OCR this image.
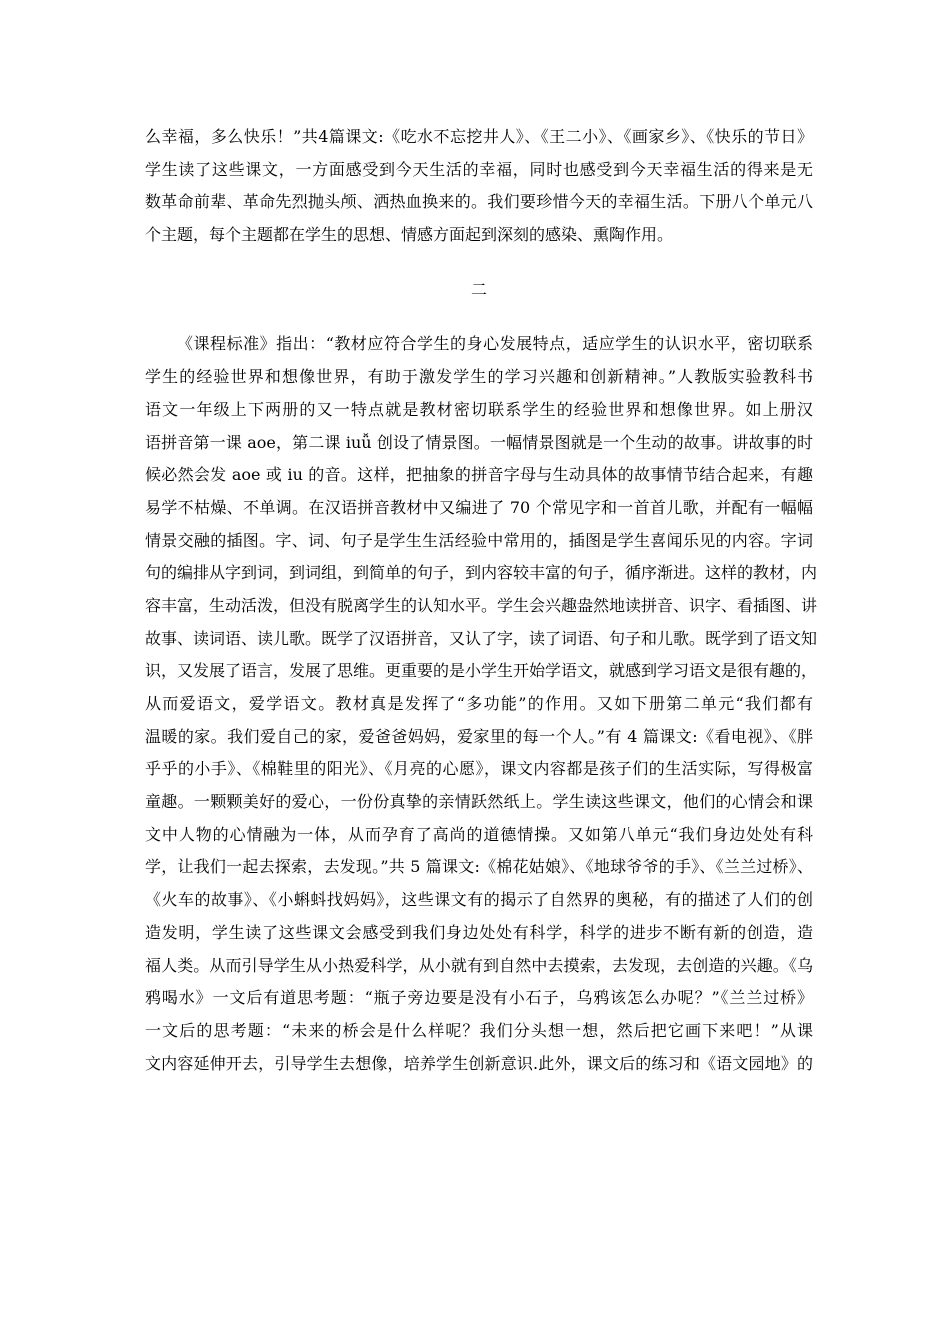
么幸福，多么快乐！”共4篇课文:《吃水不忘挖井人》、《王二小》、《画家乡》、《快乐的节日》
学生读了这些课文，一方面感受到今天生活的幸福，同时也感受到今天幸福生活的得来是无
数革命前辈、革命先烈抛头颅、洒热血换来的。我们要珍惜今天的幸福生活。下册八个单元八
个主题，每个主题都在学生的思想、情感方面起到深刻的感染、熏陶作用。
二
《课程标准》指出：“教材应符合学生的身心发展特点，适应学生的认识水平，密切联系
学生的经验世界和想像世界，有助于激发学生的学习兴趣和创新精神。”人教版实验教科书
语文一年级上下两册的又一特点就是教材密切联系学生的经验世界和想像世界。如上册汉
语拼音第一课 aoe，第二课 iuǚ 创设了情景图。一幅情景图就是一个生动的故事。讲故事的时
候必然会发 aoe 或 iu 的音。这样，把抽象的拼音字母与生动具体的故事情节结合起来，有趣
易学不枯燥、不单调。在汉语拼音教材中又编进了 70 个常见字和一首首儿歌，并配有一幅幅
情景交融的插图。字、词、句子是学生生活经验中常用的，插图是学生喜闻乐见的内容。字词
句的编排从字到词，到词组，到简单的句子，到内容较丰富的句子，循序渐进。这样的教材，内
容丰富，生动活泼，但没有脱离学生的认知水平。学生会兴趣盎然地读拼音、识字、看插图、讲
故事、读词语、读儿歌。既学了汉语拼音，又认了字，读了词语、句子和儿歌。既学到了语文知
识，又发展了语言，发展了思维。更重要的是小学生开始学语文，就感到学习语文是很有趣的，
从而爱语文，爱学语文。教材真是发挥了“多功能”的作用。又如下册第二单元“我们都有
温暖的家。我们爱自己的家，爱爸爸妈妈，爱家里的每一个人。”有 4 篇课文:《看电视》、《胖
乎乎的小手》、《棉鞋里的阳光》、《月亮的心愿》，课文内容都是孩子们的生活实际，写得极富
童趣。一颗颗美好的爱心，一份份真挚的亲情跃然纸上。学生读这些课文，他们的心情会和课
文中人物的心情融为一体，从而孕育了高尚的道德情操。又如第八单元“我们身边处处有科
学，让我们一起去探索，去发现。”共 5 篇课文:《棉花姑娘》、《地球爷爷的手》、《兰兰过桥》、
《火车的故事》、《小蝌蚪找妈妈》，这些课文有的揭示了自然界的奥秘，有的描述了人们的创
造发明，学生读了这些课文会感受到我们身边处处有科学，科学的进步不断有新的创造，造
福人类。从而引导学生从小热爱科学，从小就有到自然中去摸索，去发现，去创造的兴趣。《乌
鸦喝水》一文后有道思考题：“瓶子旁边要是没有小石子，乌鸦该怎么办呢？”《兰兰过桥》
一文后的思考题：“未来的桥会是什么样呢？我们分头想一想，然后把它画下来吧！”从课
文内容延伸开去，引导学生去想像，培养学生创新意识.此外，课文后的练习和《语文园地》的
